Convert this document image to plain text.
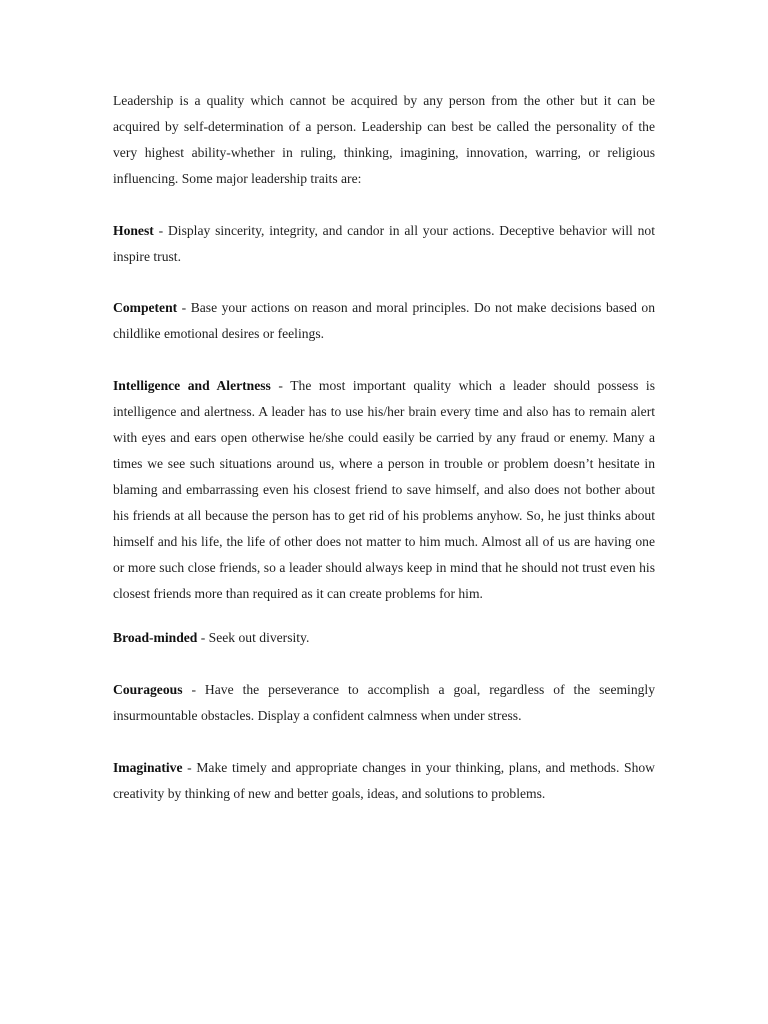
Leadership is a quality which cannot be acquired by any person from the other but it can be acquired by self-determination of a person. Leadership can best be called the personality of the very highest ability-whether in ruling, thinking, imagining, innovation, warring, or religious influencing. Some major leadership traits are:

Honest - Display sincerity, integrity, and candor in all your actions. Deceptive behavior will not inspire trust.

Competent - Base your actions on reason and moral principles. Do not make decisions based on childlike emotional desires or feelings.

Intelligence and Alertness - The most important quality which a leader should possess is intelligence and alertness. A leader has to use his/her brain every time and also has to remain alert with eyes and ears open otherwise he/she could easily be carried by any fraud or enemy. Many a times we see such situations around us, where a person in trouble or problem doesn’t hesitate in blaming and embarrassing even his closest friend to save himself, and also does not bother about his friends at all because the person has to get rid of his problems anyhow. So, he just thinks about himself and his life, the life of other does not matter to him much. Almost all of us are having one or more such close friends, so a leader should always keep in mind that he should not trust even his closest friends more than required as it can create problems for him.

Broad-minded - Seek out diversity.

Courageous - Have the perseverance to accomplish a goal, regardless of the seemingly insurmountable obstacles. Display a confident calmness when under stress.

Imaginative - Make timely and appropriate changes in your thinking, plans, and methods. Show creativity by thinking of new and better goals, ideas, and solutions to problems.
